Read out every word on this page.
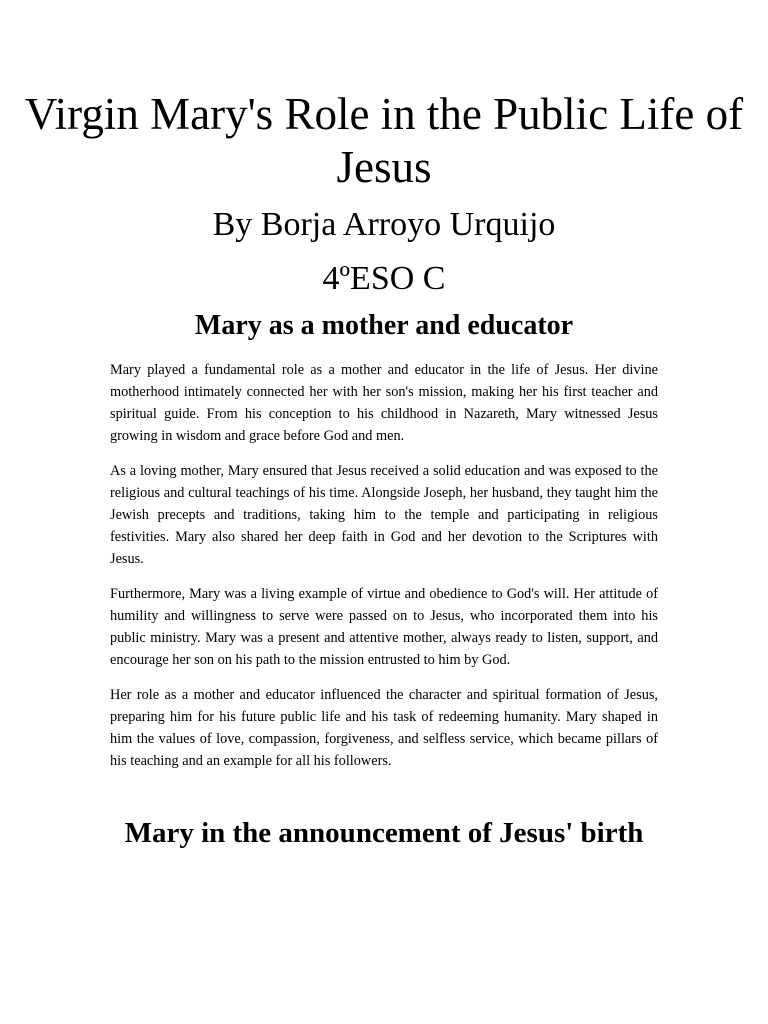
Virgin Mary's Role in the Public Life of Jesus
By Borja Arroyo Urquijo
4ºESO C
Mary as a mother and educator

Mary played a fundamental role as a mother and educator in the life of Jesus. Her divine motherhood intimately connected her with her son's mission, making her his first teacher and spiritual guide. From his conception to his childhood in Nazareth, Mary witnessed Jesus growing in wisdom and grace before God and men.

As a loving mother, Mary ensured that Jesus received a solid education and was exposed to the religious and cultural teachings of his time. Alongside Joseph, her husband, they taught him the Jewish precepts and traditions, taking him to the temple and participating in religious festivities. Mary also shared her deep faith in God and her devotion to the Scriptures with Jesus.

Furthermore, Mary was a living example of virtue and obedience to God's will. Her attitude of humility and willingness to serve were passed on to Jesus, who incorporated them into his public ministry. Mary was a present and attentive mother, always ready to listen, support, and encourage her son on his path to the mission entrusted to him by God.

Her role as a mother and educator influenced the character and spiritual formation of Jesus, preparing him for his future public life and his task of redeeming humanity. Mary shaped in him the values of love, compassion, forgiveness, and selfless service, which became pillars of his teaching and an example for all his followers.

Mary in the announcement of Jesus' birth
